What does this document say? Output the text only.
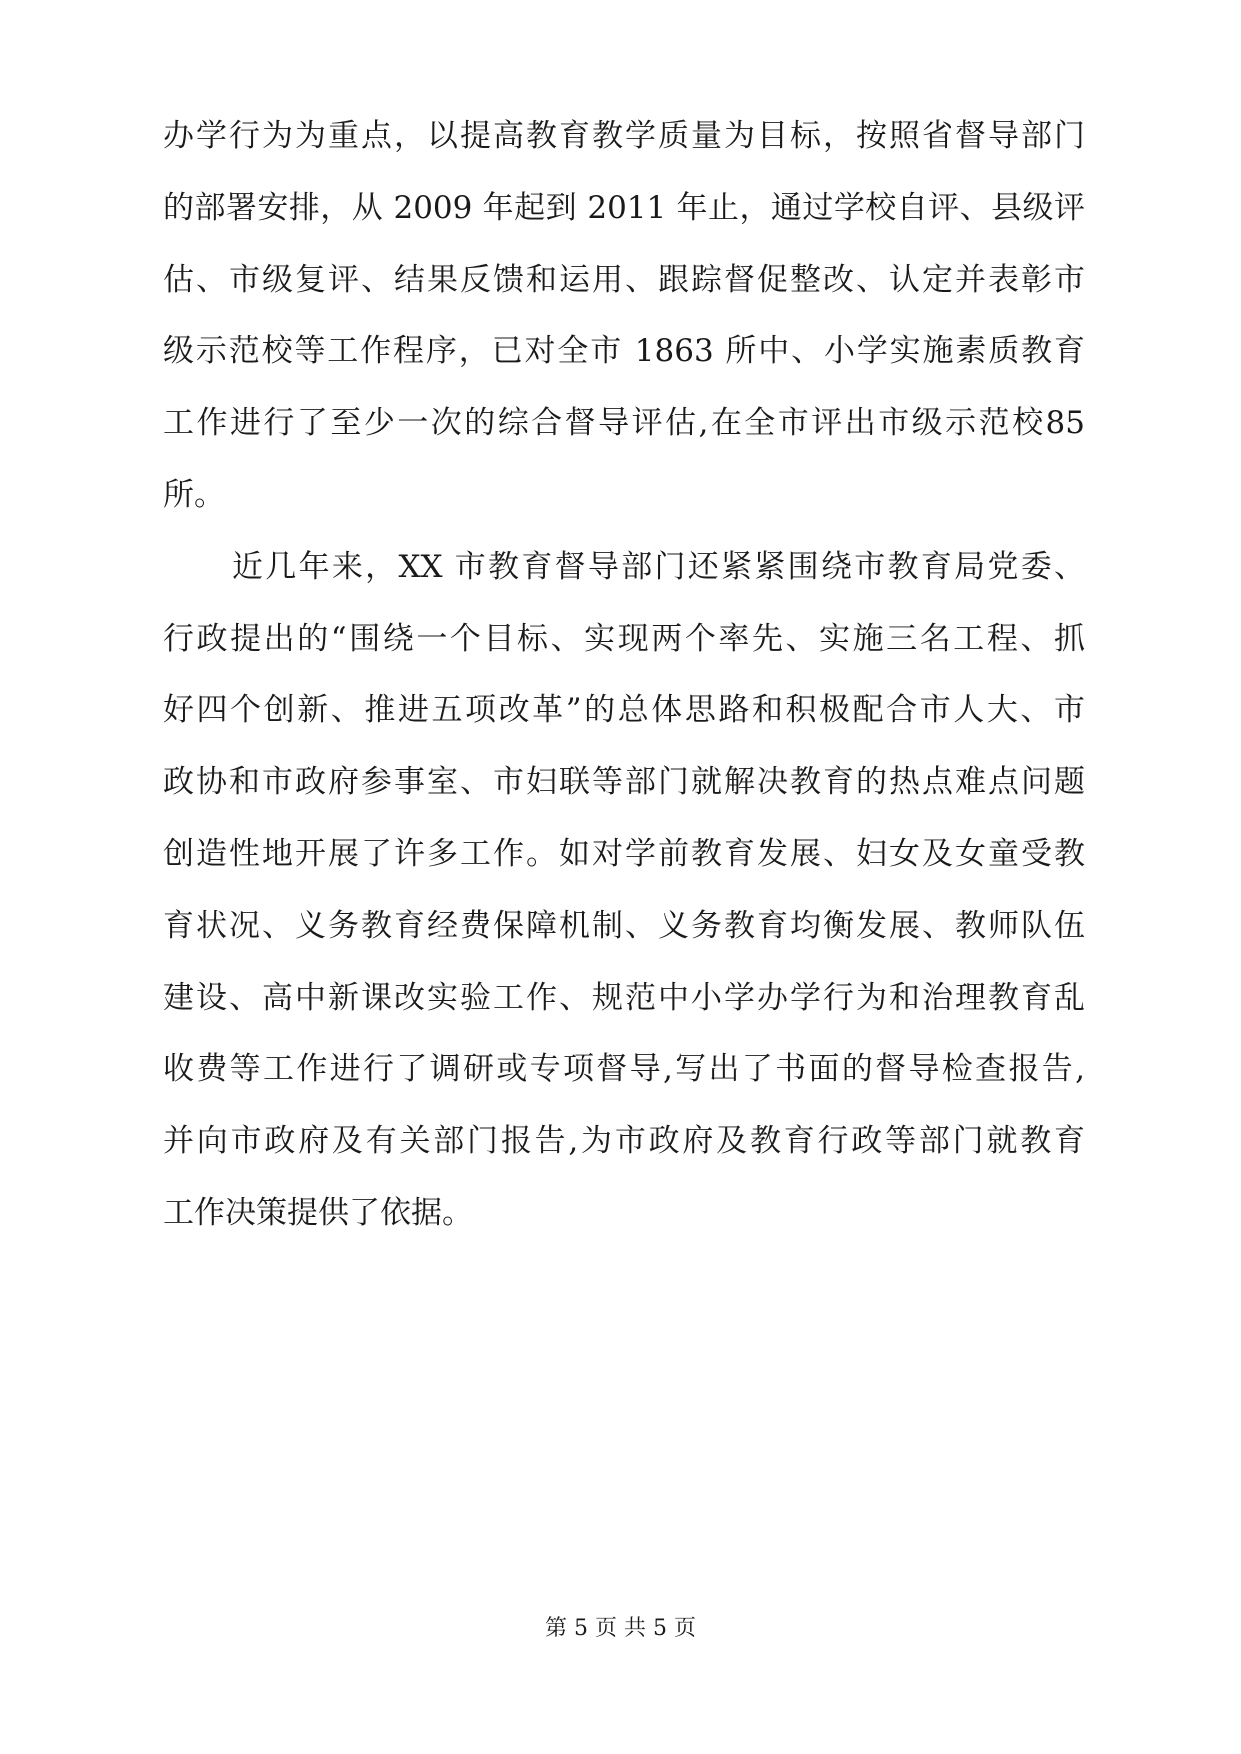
办学行为为重点，以提高教育教学质量为目标，按照省督导部门
的部署安排，从 2009 年起到 2011 年止，通过学校自评、县级评
估、市级复评、结果反馈和运用、跟踪督促整改、认定并表彰市
级示范校等工作程序，已对全市 1863 所中、小学实施素质教育
工作进行了至少一次的综合督导评估,在全市评出市级示范校85
所。
近几年来，XX 市教育督导部门还紧紧围绕市教育局党委、
行政提出的“围绕一个目标、实现两个率先、实施三名工程、抓
好四个创新、推进五项改革”的总体思路和积极配合市人大、市
政协和市政府参事室、市妇联等部门就解决教育的热点难点问题
创造性地开展了许多工作。如对学前教育发展、妇女及女童受教
育状况、义务教育经费保障机制、义务教育均衡发展、教师队伍
建设、高中新课改实验工作、规范中小学办学行为和治理教育乱
收费等工作进行了调研或专项督导,写出了书面的督导检查报告,
并向市政府及有关部门报告,为市政府及教育行政等部门就教育
工作决策提供了依据。
第 5 页 共 5 页
